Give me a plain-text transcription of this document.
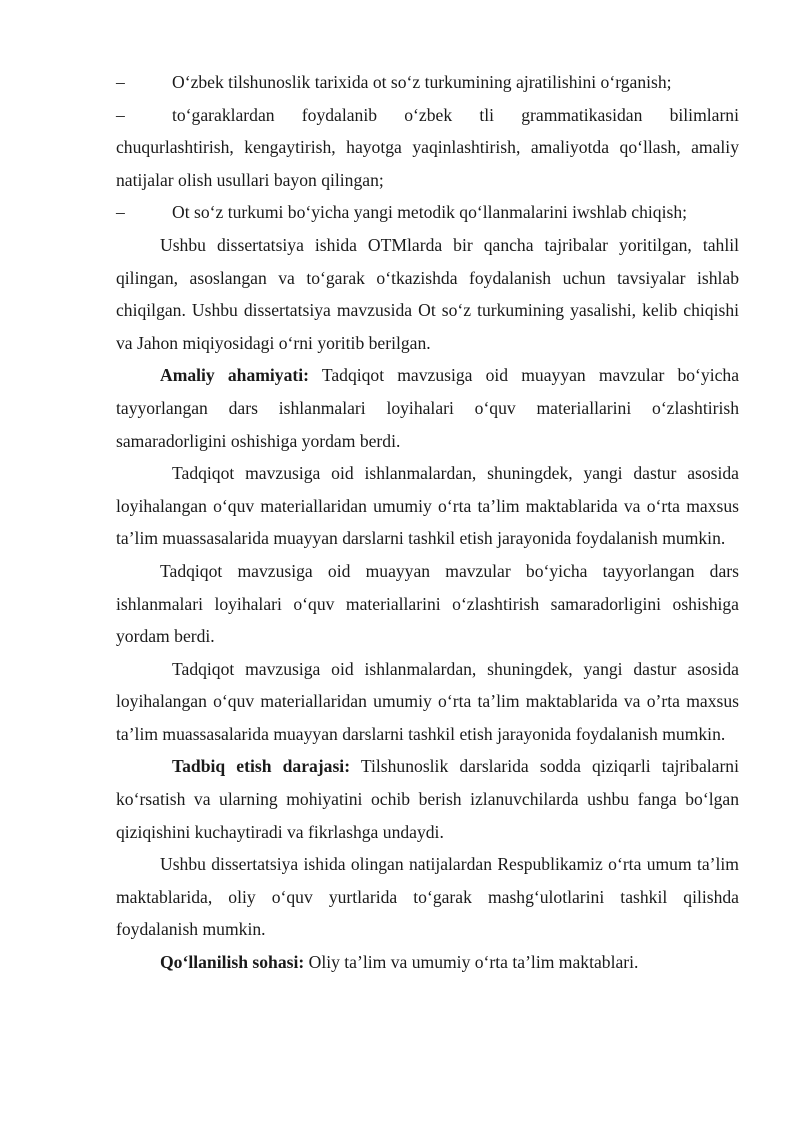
–	O‘zbek tilshunoslik tarixida ot so‘z turkumining ajratilishini o‘rganish;

–	to‘garaklardan foydalanib o‘zbek tli grammatikasidan bilimlarni chuqurlashtirish, kengaytirish, hayotga yaqinlashtirish, amaliyotda qo‘llash, amaliy natijalar olish usullari bayon qilingan;

–	Ot so‘z turkumi bo‘yicha yangi metodik qo‘llanmalarini iwshlab chiqish;

Ushbu dissertatsiya ishida OTMlarda bir qancha tajribalar yoritilgan, tahlil qilingan, asoslangan va to‘garak o‘tkazishda foydalanish uchun tavsiyalar ishlab chiqilgan. Ushbu dissertatsiya mavzusida Ot so‘z turkumining yasalishi, kelib chiqishi va Jahon miqiyosidagi o‘rni yoritib berilgan.

Amaliy ahamiyati: Tadqiqot mavzusiga oid muayyan mavzular bo‘yicha tayyorlangan dars ishlanmalari loyihalari o‘quv materiallarini o‘zlashtirish samaradorligini oshishiga yordam berdi.

Tadqiqot mavzusiga oid ishlanmalardan, shuningdek, yangi dastur asosida loyihalangan o‘quv materiallaridan umumiy o‘rta ta’lim maktablarida va o‘rta maxsus ta’lim muassasalarida muayyan darslarni tashkil etish jarayonida foydalanish mumkin.

Tadqiqot mavzusiga oid muayyan mavzular bo‘yicha tayyorlangan dars ishlanmalari loyihalari o‘quv materiallarini o‘zlashtirish samaradorligini oshishiga yordam berdi.

Tadqiqot mavzusiga oid ishlanmalardan, shuningdek, yangi dastur asosida loyihalangan o‘quv materiallaridan umumiy o‘rta ta’lim maktablarida va o’rta maxsus ta’lim muassasalarida muayyan darslarni tashkil etish jarayonida foydalanish mumkin.

Tadbiq etish darajasi: Tilshunoslik darslarida sodda qiziqarli tajribalarni ko‘rsatish va ularning mohiyatini ochib berish izlanuvchilarda ushbu fanga bo‘lgan qiziqishini kuchaytiradi va fikrlashga undaydi.

Ushbu dissertatsiya ishida olingan natijalardan Respublikamiz o‘rta umum ta’lim maktablarida, oliy o‘quv yurtlarida to‘garak mashg‘ulotlarini tashkil qilishda foydalanish mumkin.

Qo‘llanilish sohasi: Oliy ta’lim va umumiy o‘rta ta’lim maktablari.
